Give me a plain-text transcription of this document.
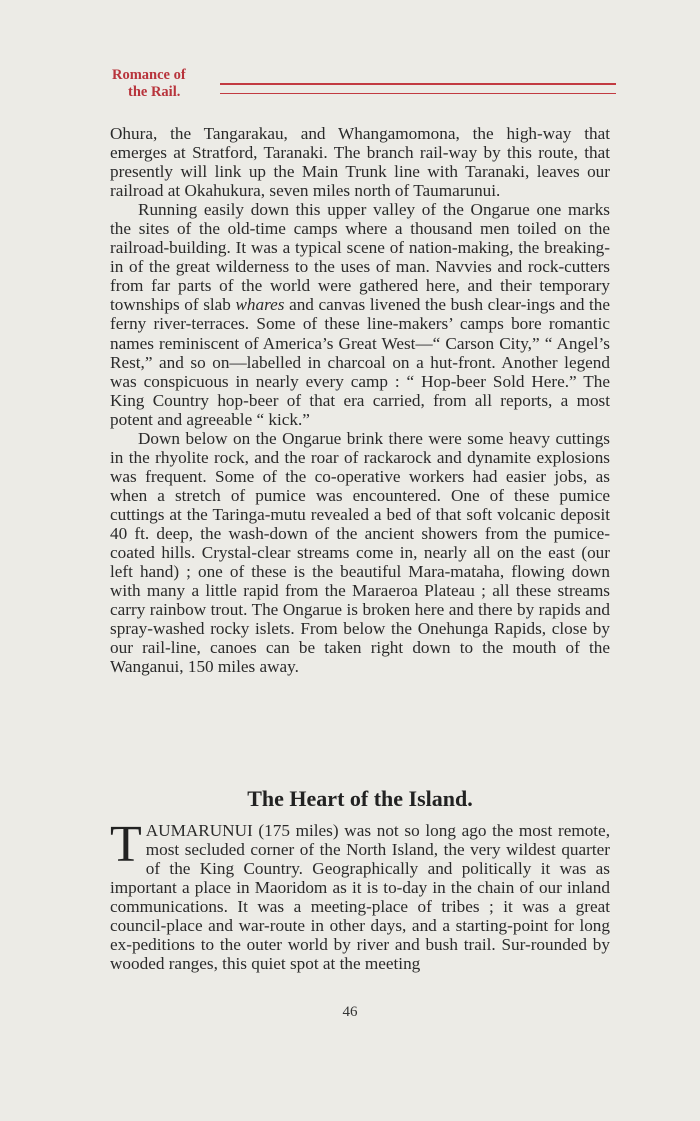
Romance of
the Rail.

Ohura, the Tangarakau, and Whangamomona, the high-way that emerges at Stratford, Taranaki. The branch rail-way by this route, that presently will link up the Main Trunk line with Taranaki, leaves our railroad at Okahukura, seven miles north of Taumarunui.

Running easily down this upper valley of the Ongarue one marks the sites of the old-time camps where a thousand men toiled on the railroad-building. It was a typical scene of nation-making, the breaking-in of the great wilderness to the uses of man. Navvies and rock-cutters from far parts of the world were gathered here, and their temporary townships of slab whares and canvas livened the bush clear-ings and the ferny river-terraces. Some of these line-makers’ camps bore romantic names reminiscent of America’s Great West—“ Carson City,” “ Angel’s Rest,” and so on—labelled in charcoal on a hut-front. Another legend was conspicuous in nearly every camp : “ Hop-beer Sold Here.” The King Country hop-beer of that era carried, from all reports, a most potent and agreeable “ kick.”

Down below on the Ongarue brink there were some heavy cuttings in the rhyolite rock, and the roar of rackarock and dynamite explosions was frequent. Some of the co-operative workers had easier jobs, as when a stretch of pumice was encountered. One of these pumice cuttings at the Taringa-mutu revealed a bed of that soft volcanic deposit 40 ft. deep, the wash-down of the ancient showers from the pumice-coated hills. Crystal-clear streams come in, nearly all on the east (our left hand) ; one of these is the beautiful Mara-mataha, flowing down with many a little rapid from the Maraeroa Plateau ; all these streams carry rainbow trout. The Ongarue is broken here and there by rapids and spray-washed rocky islets. From below the Onehunga Rapids, close by our rail-line, canoes can be taken right down to the mouth of the Wanganui, 150 miles away.

The Heart of the Island.

TAUMARUNUI (175 miles) was not so long ago the most remote, most secluded corner of the North Island, the very wildest quarter of the King Country. Geographically and politically it was as important a place in Maoridom as it is to-day in the chain of our inland communications. It was a meeting-place of tribes ; it was a great council-place and war-route in other days, and a starting-point for long ex-peditions to the outer world by river and bush trail. Sur-rounded by wooded ranges, this quiet spot at the meeting

46
